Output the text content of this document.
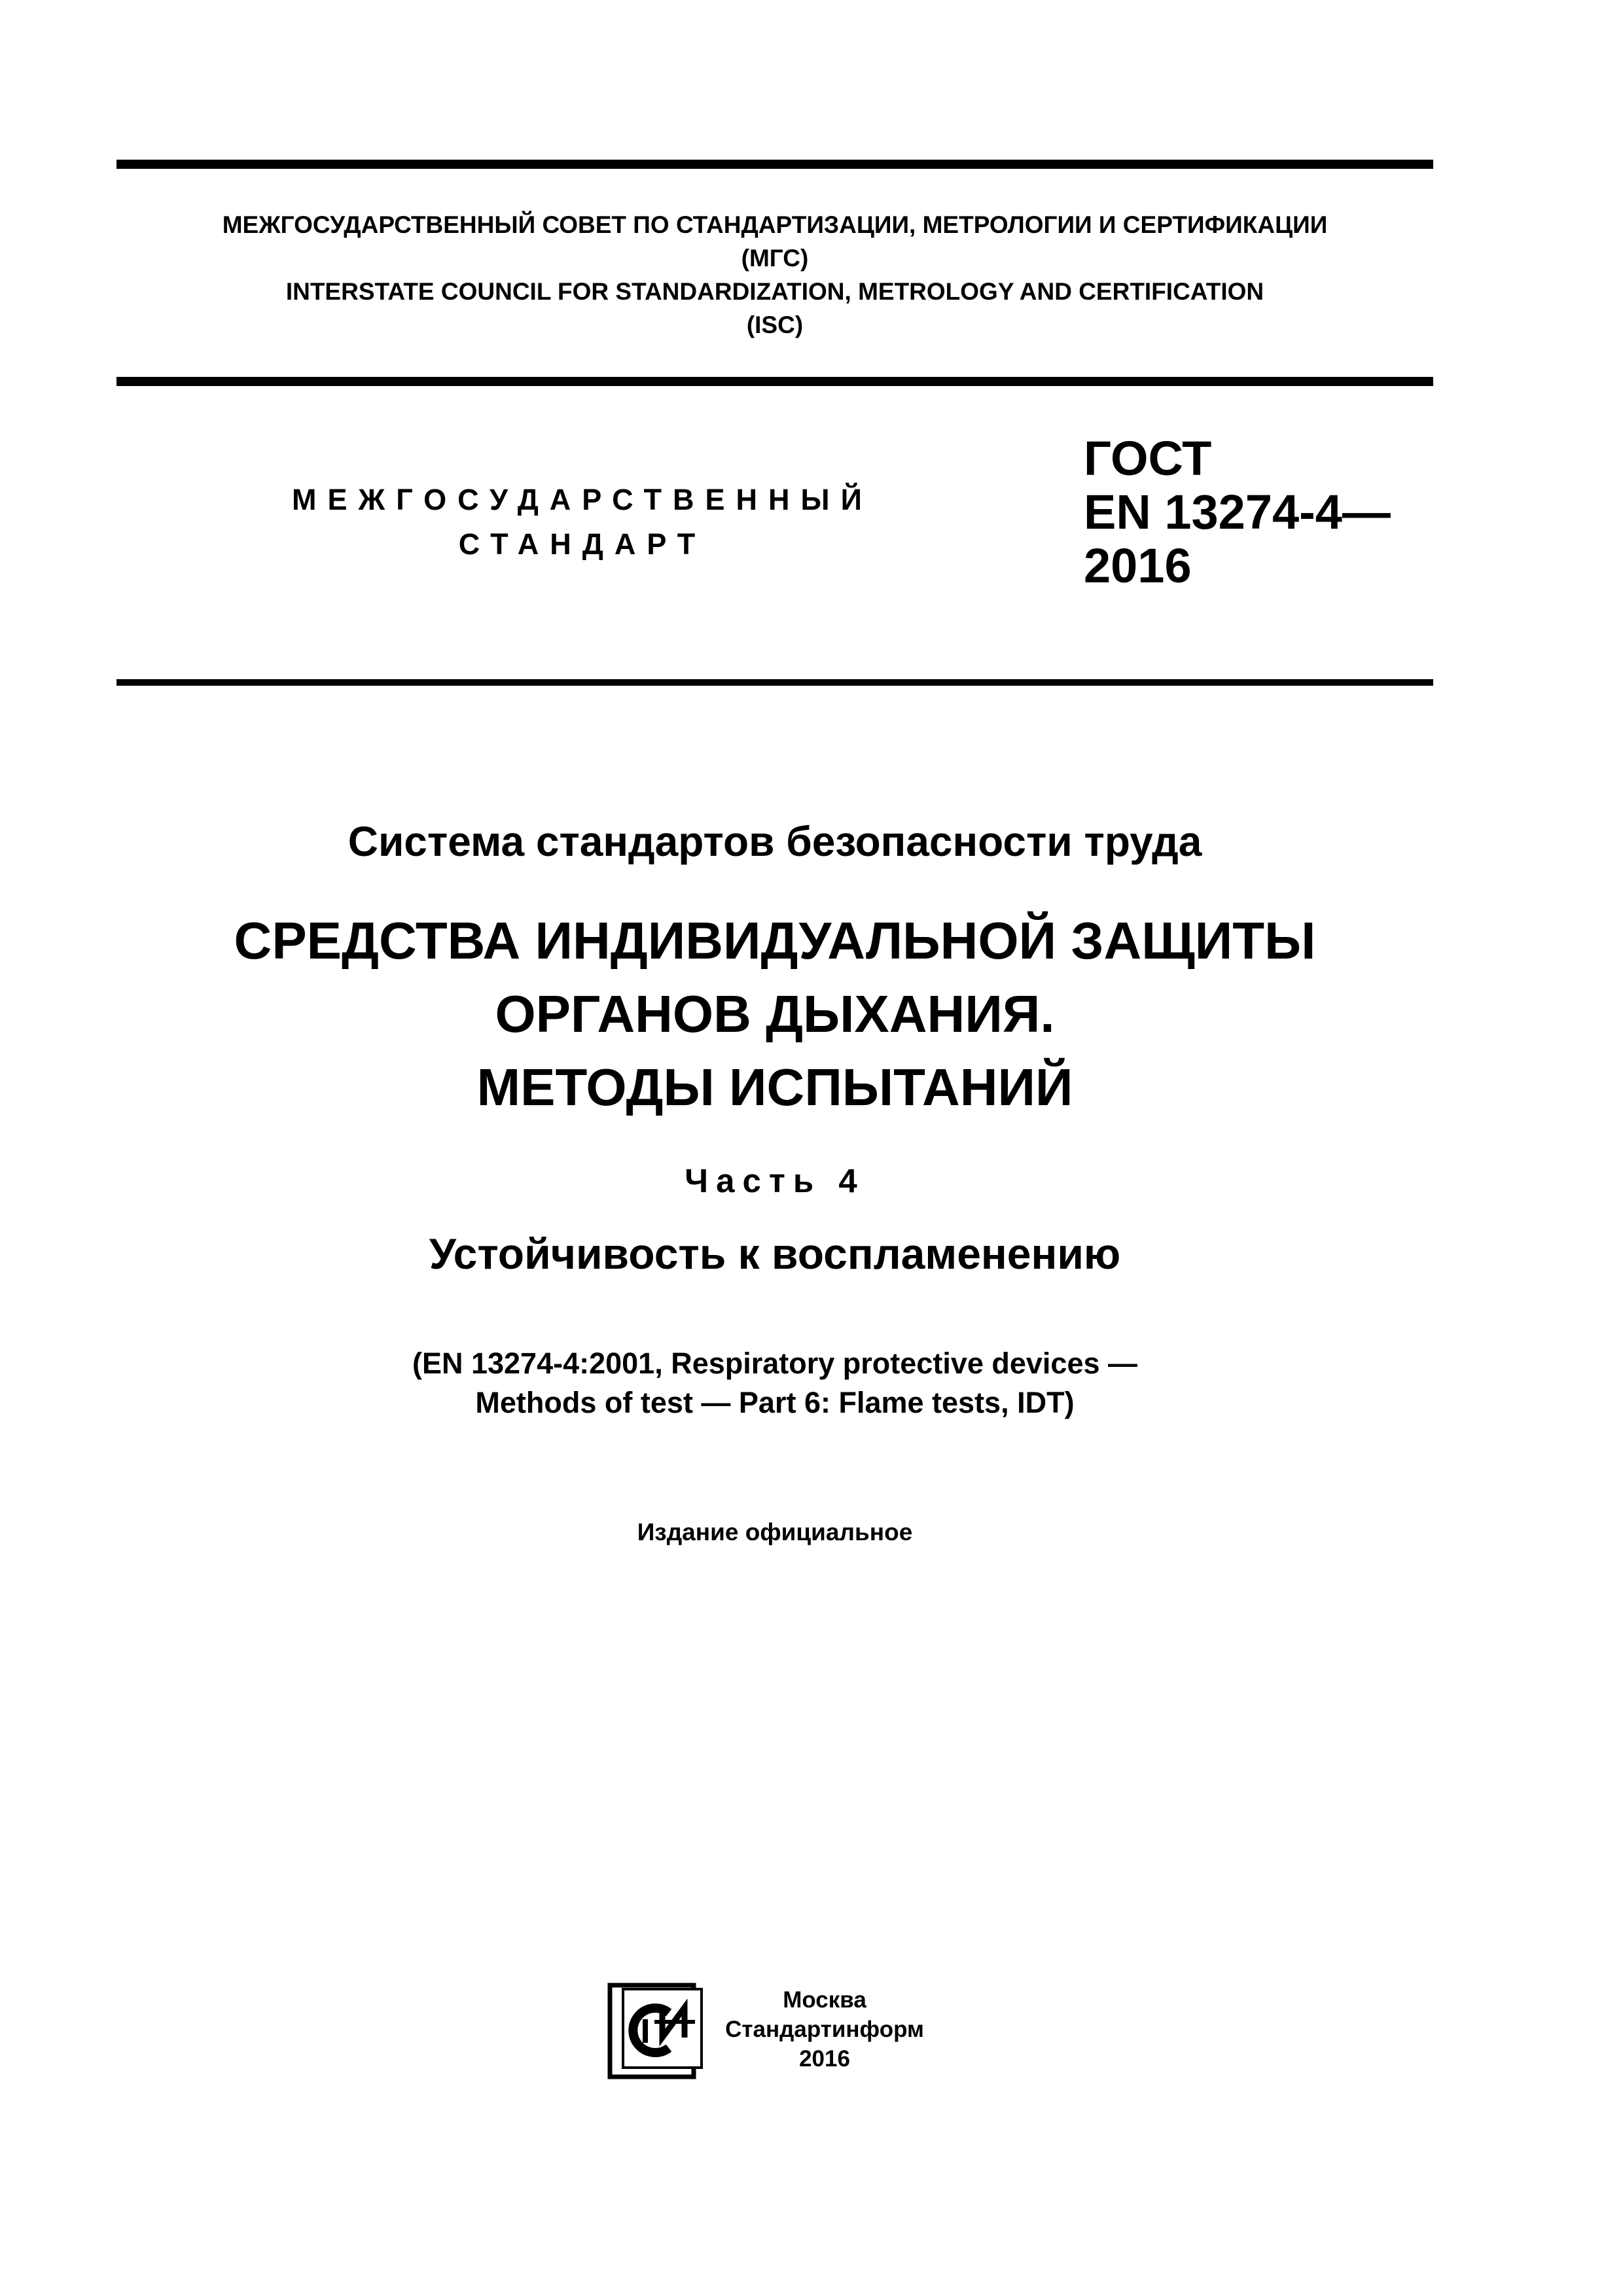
МЕЖГОСУДАРСТВЕННЫЙ СОВЕТ ПО СТАНДАРТИЗАЦИИ, МЕТРОЛОГИИ И СЕРТИФИКАЦИИ
(МГС)
INTERSTATE COUNCIL FOR STANDARDIZATION, METROLOGY AND CERTIFICATION
(ISC)
МЕЖГОСУДАРСТВЕННЫЙ
СТАНДАРТ
ГОСТ
EN 13274-4—
2016
Система стандартов безопасности труда
СРЕДСТВА ИНДИВИДУАЛЬНОЙ ЗАЩИТЫ
ОРГАНОВ ДЫХАНИЯ.
МЕТОДЫ ИСПЫТАНИЙ
Часть 4
Устойчивость к воспламенению
(EN 13274-4:2001, Respiratory protective devices —
Methods of test — Part 6: Flame tests, IDT)
Издание официальное
Москва
Стандартинформ
2016
